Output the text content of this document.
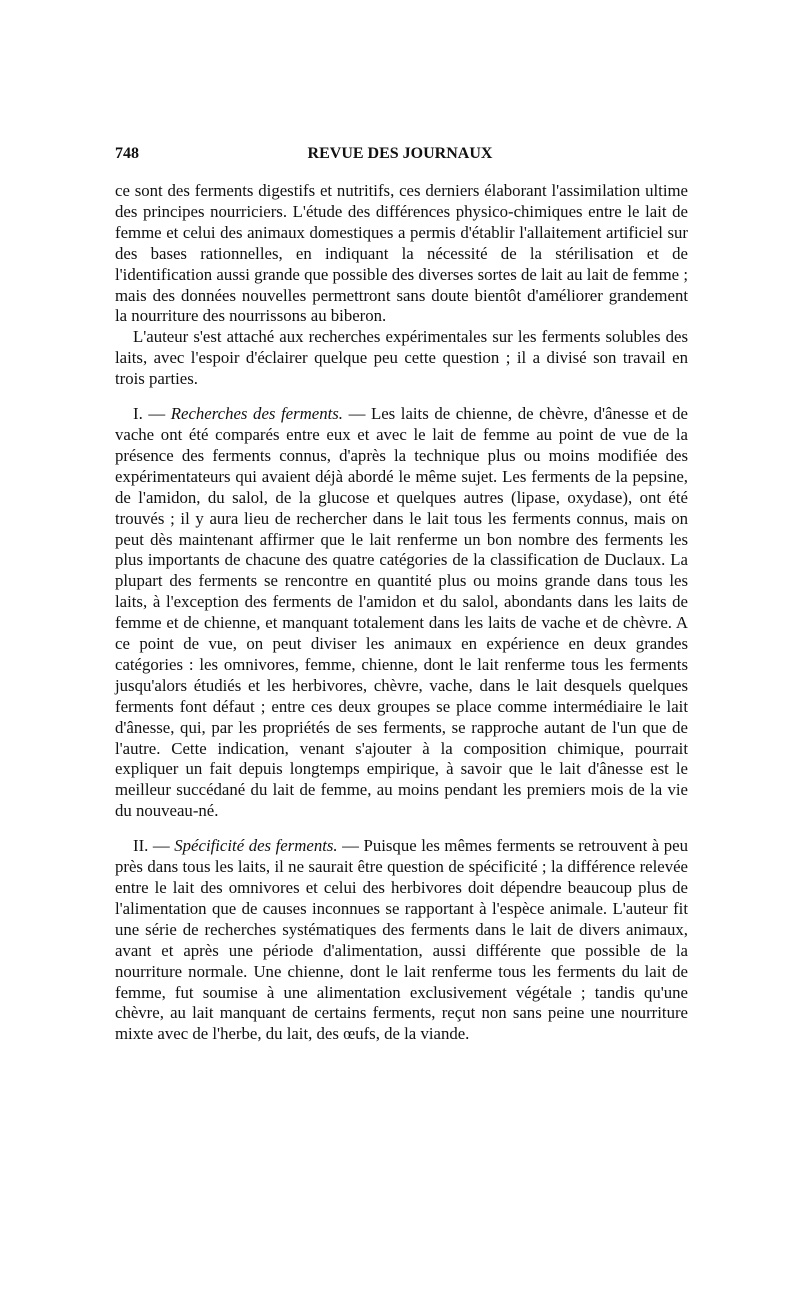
748	REVUE DES JOURNAUX

ce sont des ferments digestifs et nutritifs, ces derniers élaborant l'assimilation ultime des principes nourriciers. L'étude des différences physico-chimiques entre le lait de femme et celui des animaux domestiques a permis d'établir l'allaitement artificiel sur des bases rationnelles, en indiquant la nécessité de la stérilisation et de l'identification aussi grande que possible des diverses sortes de lait au lait de femme ; mais des données nouvelles permettront sans doute bientôt d'améliorer grandement la nourriture des nourrissons au biberon.

L'auteur s'est attaché aux recherches expérimentales sur les ferments solubles des laits, avec l'espoir d'éclairer quelque peu cette question ; il a divisé son travail en trois parties.

I. — Recherches des ferments. — Les laits de chienne, de chèvre, d'ânesse et de vache ont été comparés entre eux et avec le lait de femme au point de vue de la présence des ferments connus, d'après la technique plus ou moins modifiée des expérimentateurs qui avaient déjà abordé le même sujet. Les ferments de la pepsine, de l'amidon, du salol, de la glucose et quelques autres (lipase, oxydase), ont été trouvés ; il y aura lieu de rechercher dans le lait tous les ferments connus, mais on peut dès maintenant affirmer que le lait renferme un bon nombre des ferments les plus importants de chacune des quatre catégories de la classification de Duclaux. La plupart des ferments se rencontre en quantité plus ou moins grande dans tous les laits, à l'exception des ferments de l'amidon et du salol, abondants dans les laits de femme et de chienne, et manquant totalement dans les laits de vache et de chèvre. A ce point de vue, on peut diviser les animaux en expérience en deux grandes catégories : les omnivores, femme, chienne, dont le lait renferme tous les ferments jusqu'alors étudiés et les herbivores, chèvre, vache, dans le lait desquels quelques ferments font défaut ; entre ces deux groupes se place comme intermédiaire le lait d'ânesse, qui, par les propriétés de ses ferments, se rapproche autant de l'un que de l'autre. Cette indication, venant s'ajouter à la composition chimique, pourrait expliquer un fait depuis longtemps empirique, à savoir que le lait d'ânesse est le meilleur succédané du lait de femme, au moins pendant les premiers mois de la vie du nouveau-né.

II. — Spécificité des ferments. — Puisque les mêmes ferments se retrouvent à peu près dans tous les laits, il ne saurait être question de spécificité ; la différence relevée entre le lait des omnivores et celui des herbivores doit dépendre beaucoup plus de l'alimentation que de causes inconnues se rapportant à l'espèce animale. L'auteur fit une série de recherches systématiques des ferments dans le lait de divers animaux, avant et après une période d'alimentation, aussi différente que possible de la nourriture normale. Une chienne, dont le lait renferme tous les ferments du lait de femme, fut soumise à une alimentation exclusivement végétale ; tandis qu'une chèvre, au lait manquant de certains ferments, reçut non sans peine une nourriture mixte avec de l'herbe, du lait, des œufs, de la viande.
